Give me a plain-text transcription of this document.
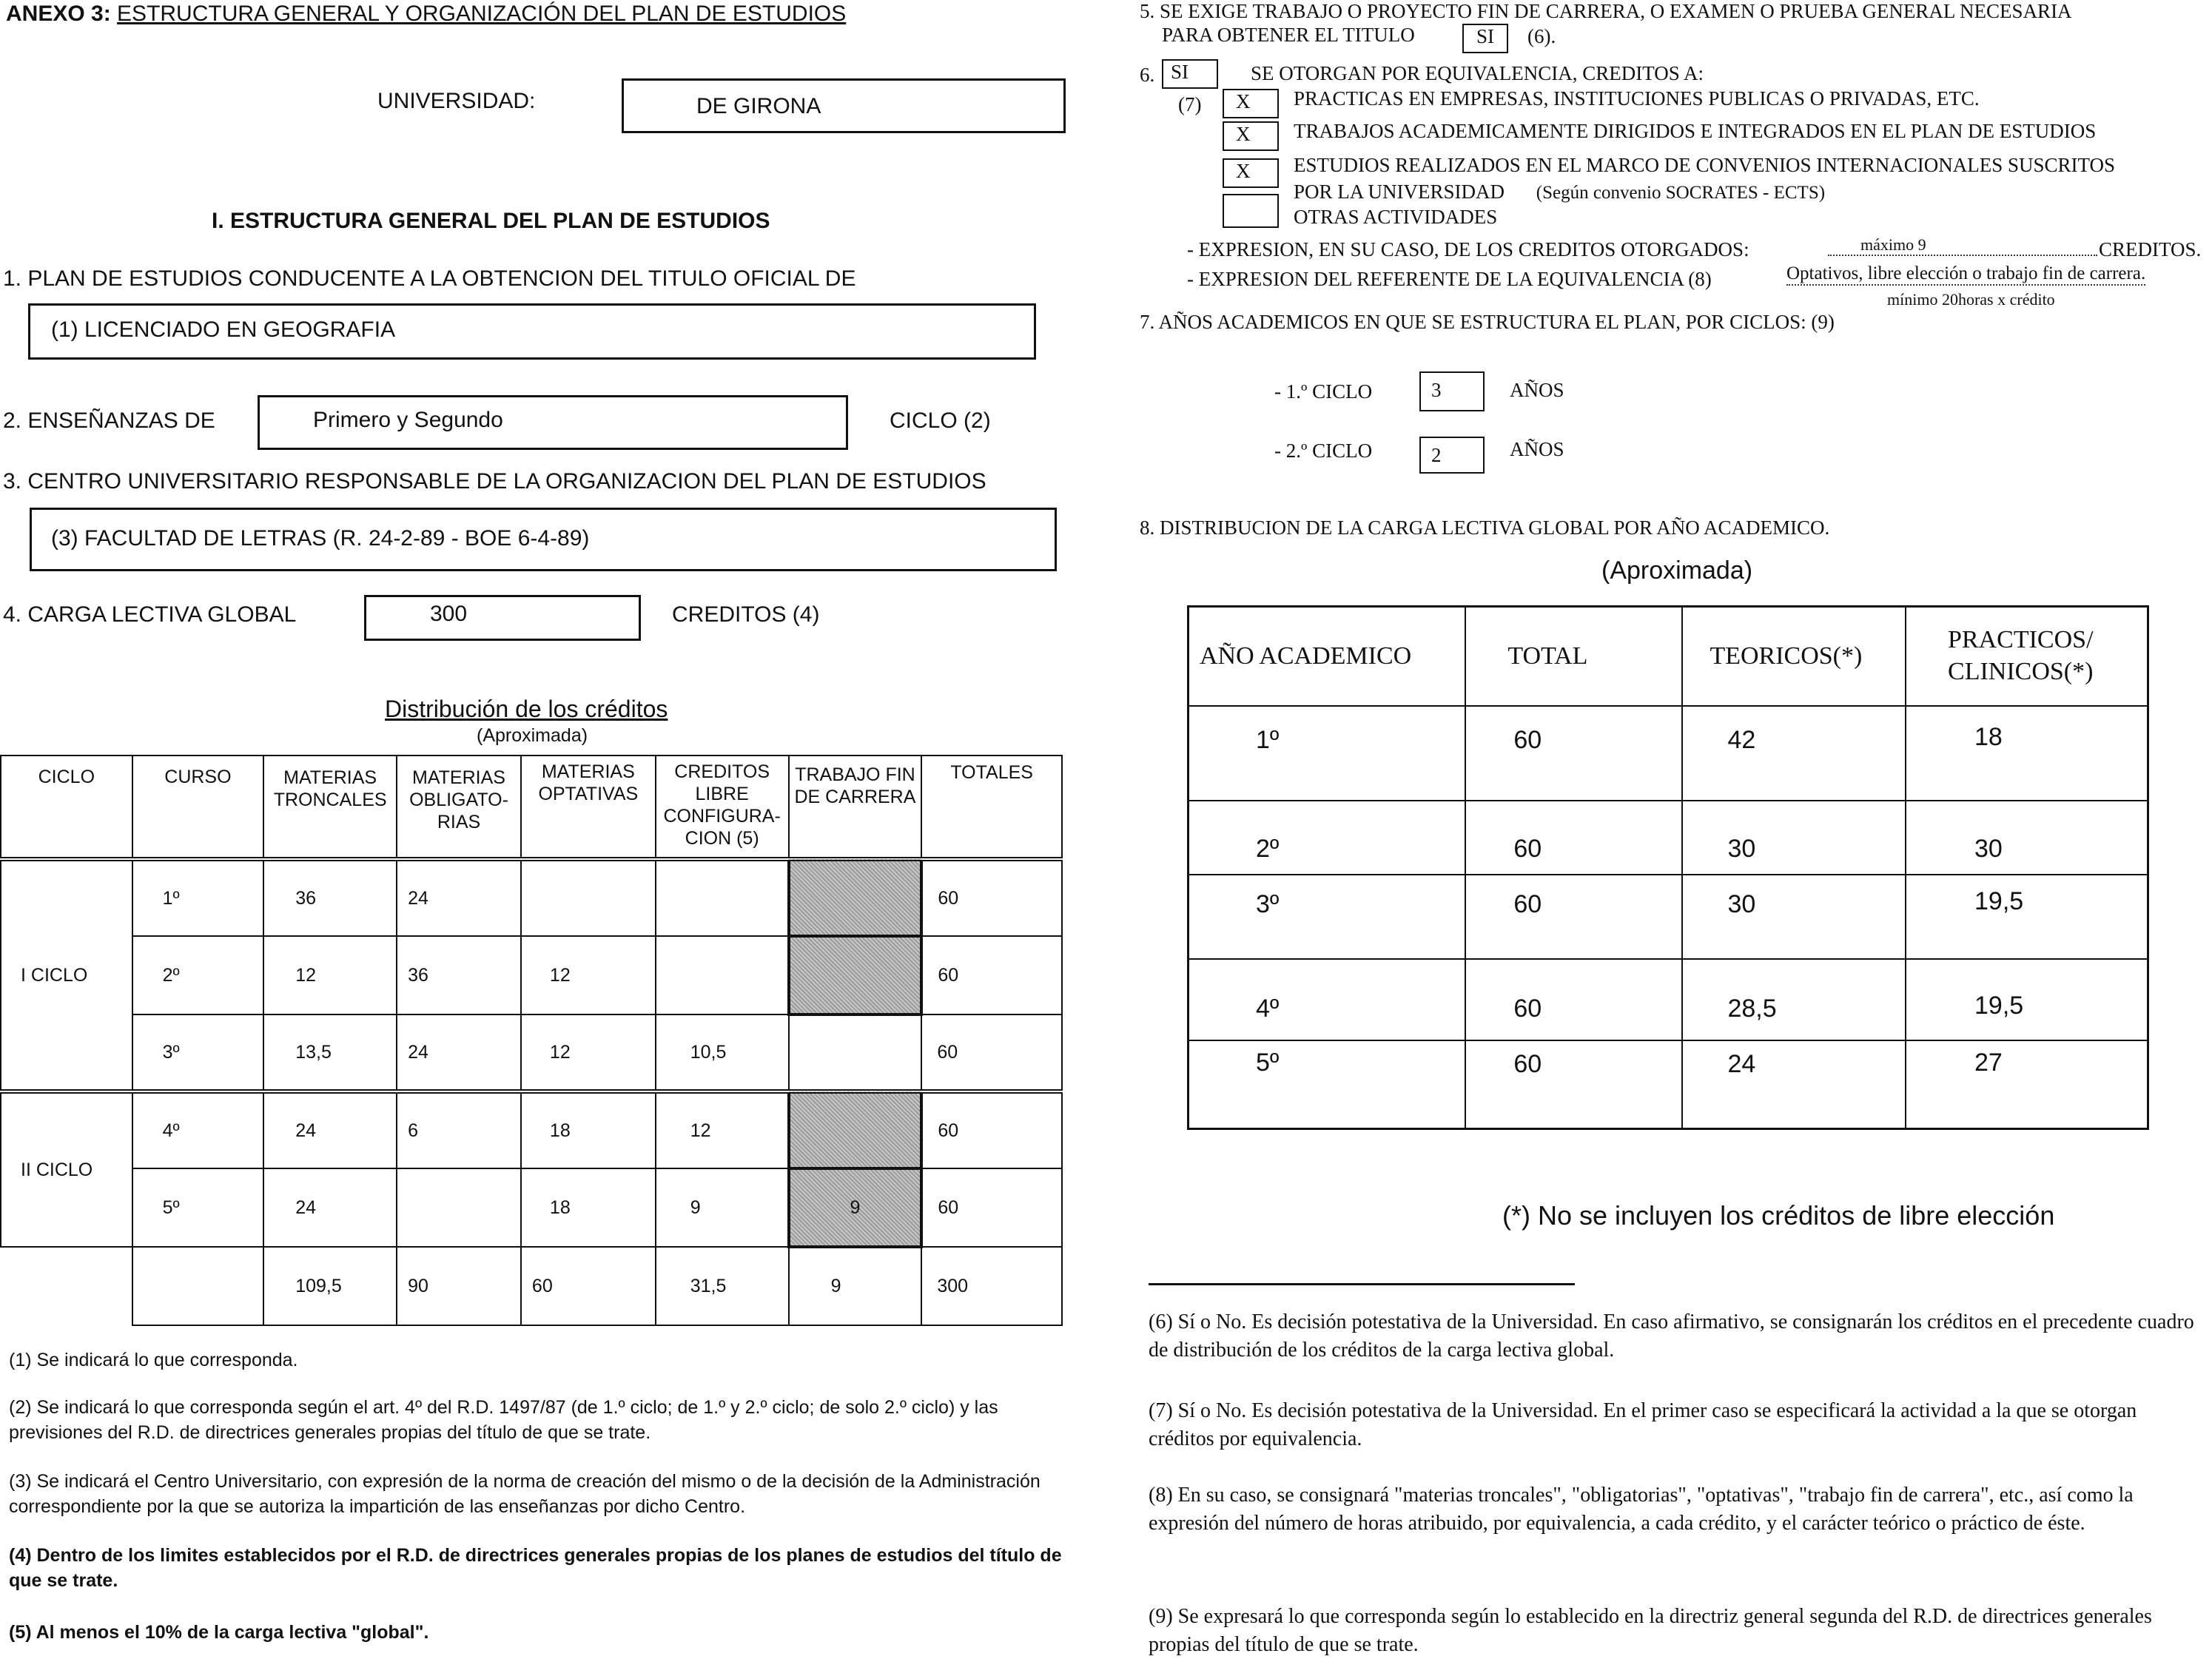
ANEXO 3: ESTRUCTURA GENERAL Y ORGANIZACIÓN DEL PLAN DE ESTUDIOS
UNIVERSIDAD:	DE GIRONA
I. ESTRUCTURA GENERAL DEL PLAN DE ESTUDIOS
1. PLAN DE ESTUDIOS CONDUCENTE A LA OBTENCION DEL TITULO OFICIAL DE
(1) LICENCIADO EN GEOGRAFIA
2. ENSEÑANZAS DE	Primero y Segundo	CICLO (2)
3. CENTRO UNIVERSITARIO RESPONSABLE DE LA ORGANIZACION DEL PLAN DE ESTUDIOS
(3) FACULTAD DE LETRAS (R. 24-2-89 - BOE 6-4-89)
4. CARGA LECTIVA GLOBAL	300	CREDITOS (4)
Distribución de los créditos
(Aproximada)
CICLO	CURSO	MATERIAS TRONCALES	MATERIAS OBLIGATO-RIAS	MATERIAS OPTATIVAS	CREDITOS LIBRE CONFIGURA-CION (5)	TRABAJO FIN DE CARRERA	TOTALES
I CICLO	1º	36	24				60
	2º	12	36	12			60
	3º	13,5	24	12	10,5		60
II CICLO	4º	24	6	18	12		60
	5º	24		18	9	9	60
		109,5	90	60	31,5	9	300
(1) Se indicará lo que corresponda.
(2) Se indicará lo que corresponda según el art. 4º del R.D. 1497/87 (de 1.º ciclo; de 1.º y 2.º ciclo; de solo 2.º ciclo) y las previsiones del R.D. de directrices generales propias del título de que se trate.
(3) Se indicará el Centro Universitario, con expresión de la norma de creación del mismo o de la decisión de la Administración correspondiente por la que se autoriza la impartición de las enseñanzas por dicho Centro.
(4) Dentro de los limites establecidos por el R.D. de directrices generales propias de los planes de estudios del título de que se trate.
(5) Al menos el 10% de la carga lectiva "global".
5. SE EXIGE TRABAJO O PROYECTO FIN DE CARRERA, O EXAMEN O PRUEBA GENERAL NECESARIA
PARA OBTENER EL TITULO	SI	(6).
6. SI	SE OTORGAN POR EQUIVALENCIA, CREDITOS A:
(7)	X	PRACTICAS EN EMPRESAS, INSTITUCIONES PUBLICAS O PRIVADAS, ETC.
X	TRABAJOS ACADEMICAMENTE DIRIGIDOS E INTEGRADOS EN EL PLAN DE ESTUDIOS
X	ESTUDIOS REALIZADOS EN EL MARCO DE CONVENIOS INTERNACIONALES SUSCRITOS
POR LA UNIVERSIDAD (Según convenio SOCRATES - ECTS)
OTRAS ACTIVIDADES
- EXPRESION, EN SU CASO, DE LOS CREDITOS OTORGADOS:	máximo 9	CREDITOS.
- EXPRESION DEL REFERENTE DE LA EQUIVALENCIA (8)	Optativos, libre elección o trabajo fin de carrera.
mínimo 20horas x crédito
7. AÑOS ACADEMICOS EN QUE SE ESTRUCTURA EL PLAN, POR CICLOS: (9)
- 1.º CICLO	3	AÑOS
- 2.º CICLO	2	AÑOS
8. DISTRIBUCION DE LA CARGA LECTIVA GLOBAL POR AÑO ACADEMICO.
(Aproximada)
AÑO ACADEMICO	TOTAL	TEORICOS(*)	PRACTICOS/ CLINICOS(*)
1º	60	42	18
2º	60	30	30
3º	60	30	19,5
4º	60	28,5	19,5
5º	60	24	27
(*) No se incluyen los créditos de libre elección
(6) Sí o No. Es decisión potestativa de la Universidad. En caso afirmativo, se consignarán los créditos en el precedente cuadro de distribución de los créditos de la carga lectiva global.
(7) Sí o No. Es decisión potestativa de la Universidad. En el primer caso se especificará la actividad a la que se otorgan créditos por equivalencia.
(8) En su caso, se consignará "materias troncales", "obligatorias", "optativas", "trabajo fin de carrera", etc., así como la expresión del número de horas atribuido, por equivalencia, a cada crédito, y el carácter teórico o práctico de éste.
(9) Se expresará lo que corresponda según lo establecido en la directriz general segunda del R.D. de directrices generales propias del título de que se trate.
